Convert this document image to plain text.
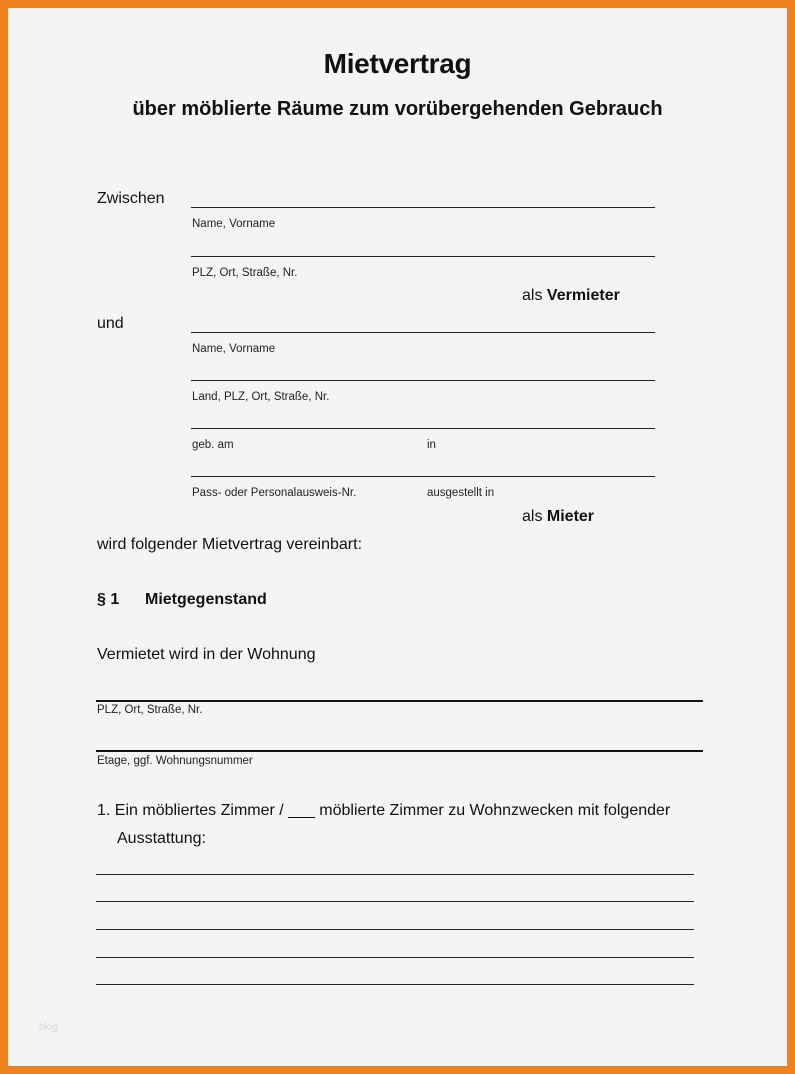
Mietvertrag
über möblierte Räume zum vorübergehenden Gebrauch
Zwischen
Name, Vorname
PLZ, Ort, Straße, Nr.
als Vermieter
und
Name, Vorname
Land, PLZ, Ort, Straße, Nr.
geb. am	in
Pass- oder Personalausweis-Nr.	ausgestellt in
als Mieter
wird folgender Mietvertrag vereinbart:
§ 1 Mietgegenstand
Vermietet wird in der Wohnung
PLZ, Ort, Straße, Nr.
Etage, ggf. Wohnungsnummer
1. Ein möbliertes Zimmer / ___ möblierte Zimmer zu Wohnzwecken mit folgender
Ausstattung:
blog
